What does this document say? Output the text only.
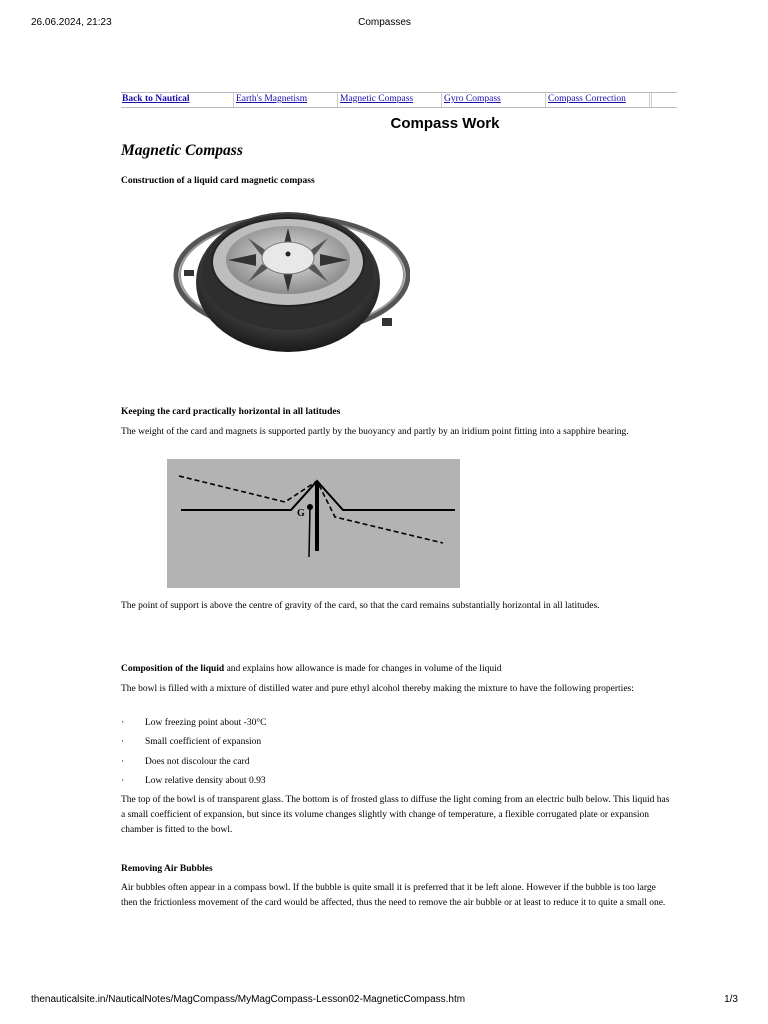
26.06.2024, 21:23	Compasses
Back to Nautical	Earth's Magnetism	Magnetic Compass	Gyro Compass	Compass Correction
Compass Work
Magnetic Compass
Construction of a liquid card magnetic compass
Keeping the card practically horizontal in all latitudes
The weight of the card and magnets is supported partly by the buoyancy and partly by an iridium point fitting into a sapphire bearing.
G
The point of support is above the centre of gravity of the card, so that the card remains substantially horizontal in all latitudes.
Composition of the liquid and explains how allowance is made for changes in volume of the liquid
The bowl is filled with a mixture of distilled water and pure ethyl alcohol thereby making the mixture to have the following properties:
· Low freezing point about -30°C
· Small coefficient of expansion
· Does not discolour the card
· Low relative density about 0.93
The top of the bowl is of transparent glass. The bottom is of frosted glass to diffuse the light coming from an electric bulb below. This liquid has a small coefficient of expansion, but since its volume changes slightly with change of temperature, a flexible corrugated plate or expansion chamber is fitted to the bowl.
Removing Air Bubbles
Air bubbles often appear in a compass bowl. If the bubble is quite small it is preferred that it be left alone. However if the bubble is too large then the frictionless movement of the card would be affected, thus the need to remove the air bubble or at least to reduce it to quite a small one.
thenauticalsite.in/NauticalNotes/MagCompass/MyMagCompass-Lesson02-MagneticCompass.htm	1/3
